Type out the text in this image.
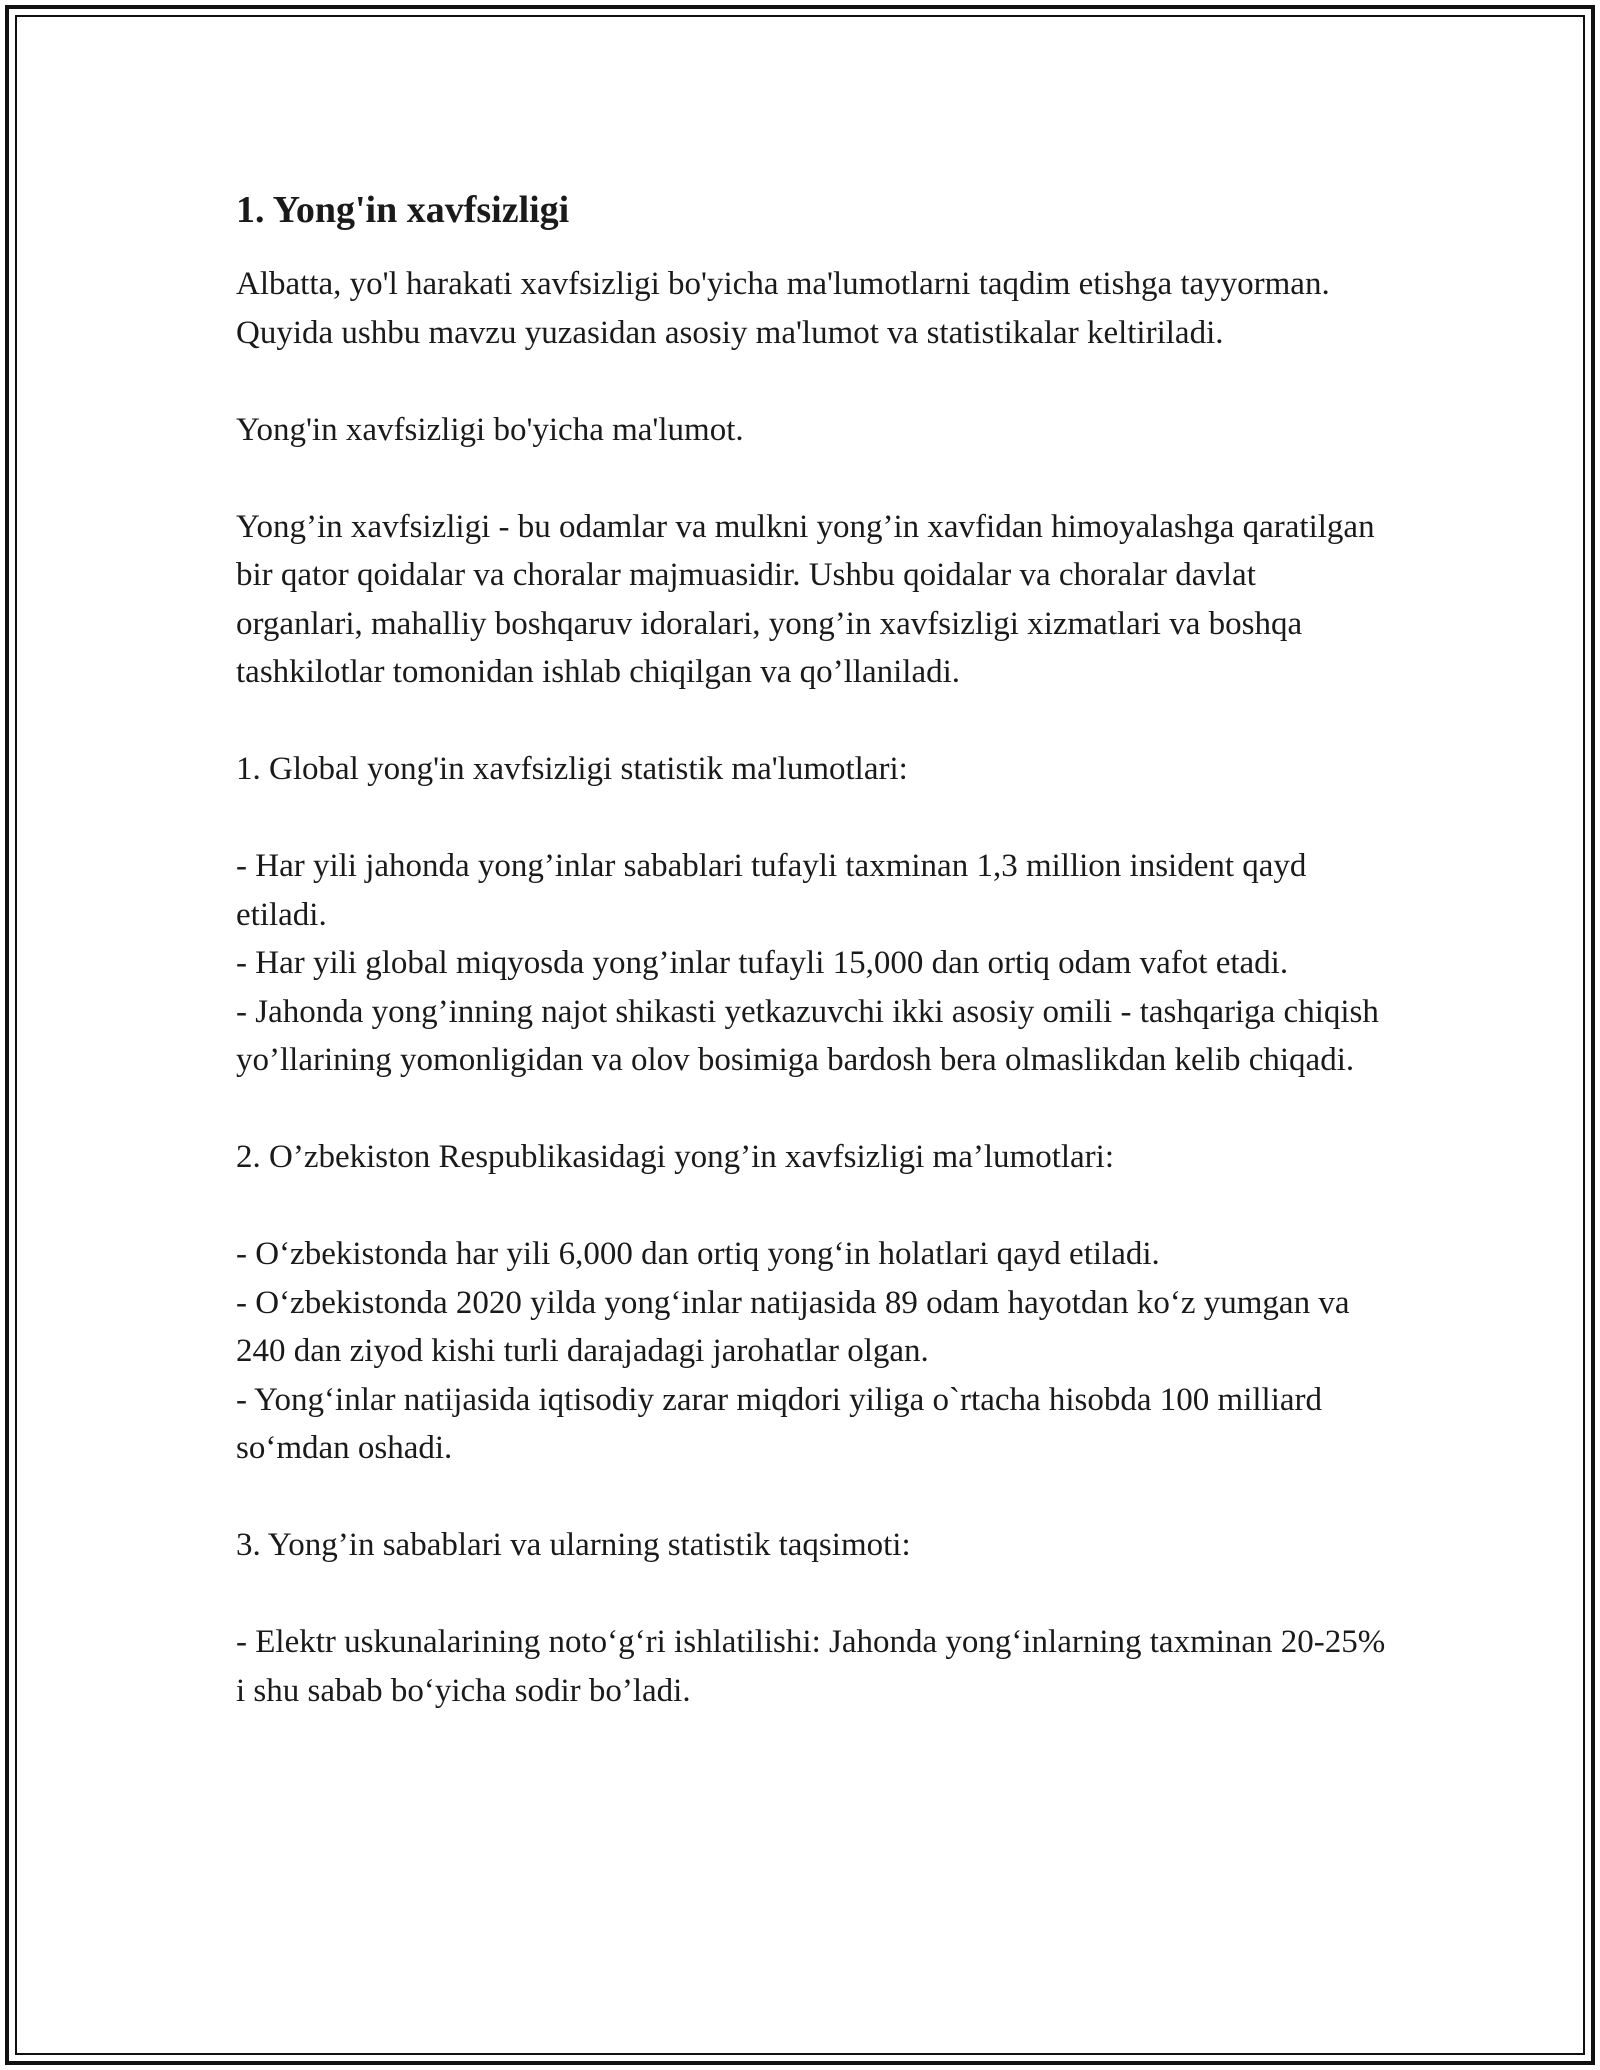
1. Yong'in xavfsizligi

Albatta, yo'l harakati xavfsizligi bo'yicha ma'lumotlarni taqdim etishga tayyorman. Quyida ushbu mavzu yuzasidan asosiy ma'lumot va statistikalar keltiriladi.

Yong'in xavfsizligi bo'yicha ma'lumot.

Yong’in xavfsizligi - bu odamlar va mulkni yong’in xavfidan himoyalashga qaratilgan bir qator qoidalar va choralar majmuasidir. Ushbu qoidalar va choralar davlat organlari, mahalliy boshqaruv idoralari, yong’in xavfsizligi xizmatlari va boshqa tashkilotlar tomonidan ishlab chiqilgan va qo’llaniladi.

1. Global yong'in xavfsizligi statistik ma'lumotlari:

- Har yili jahonda yong’inlar sabablari tufayli taxminan 1,3 million insident qayd etiladi.
- Har yili global miqyosda yong’inlar tufayli 15,000 dan ortiq odam vafot etadi.
- Jahonda yong’inning najot shikasti yetkazuvchi ikki asosiy omili - tashqariga chiqish yo’llarining yomonligidan va olov bosimiga bardosh bera olmaslikdan kelib chiqadi.

2. O’zbekiston Respublikasidagi yong’in xavfsizligi ma’lumotlari:

- O‘zbekistonda har yili 6,000 dan ortiq yong‘in holatlari qayd etiladi.
- O‘zbekistonda 2020 yilda yong‘inlar natijasida 89 odam hayotdan ko‘z yumgan va 240 dan ziyod kishi turli darajadagi jarohatlar olgan.
- Yong‘inlar natijasida iqtisodiy zarar miqdori yiliga o`rtacha hisobda 100 milliard so‘mdan oshadi.

3. Yong’in sabablari va ularning statistik taqsimoti:

- Elektr uskunalarining noto‘g‘ri ishlatilishi: Jahonda yong‘inlarning taxminan 20-25% i shu sabab bo‘yicha sodir bo’ladi.
